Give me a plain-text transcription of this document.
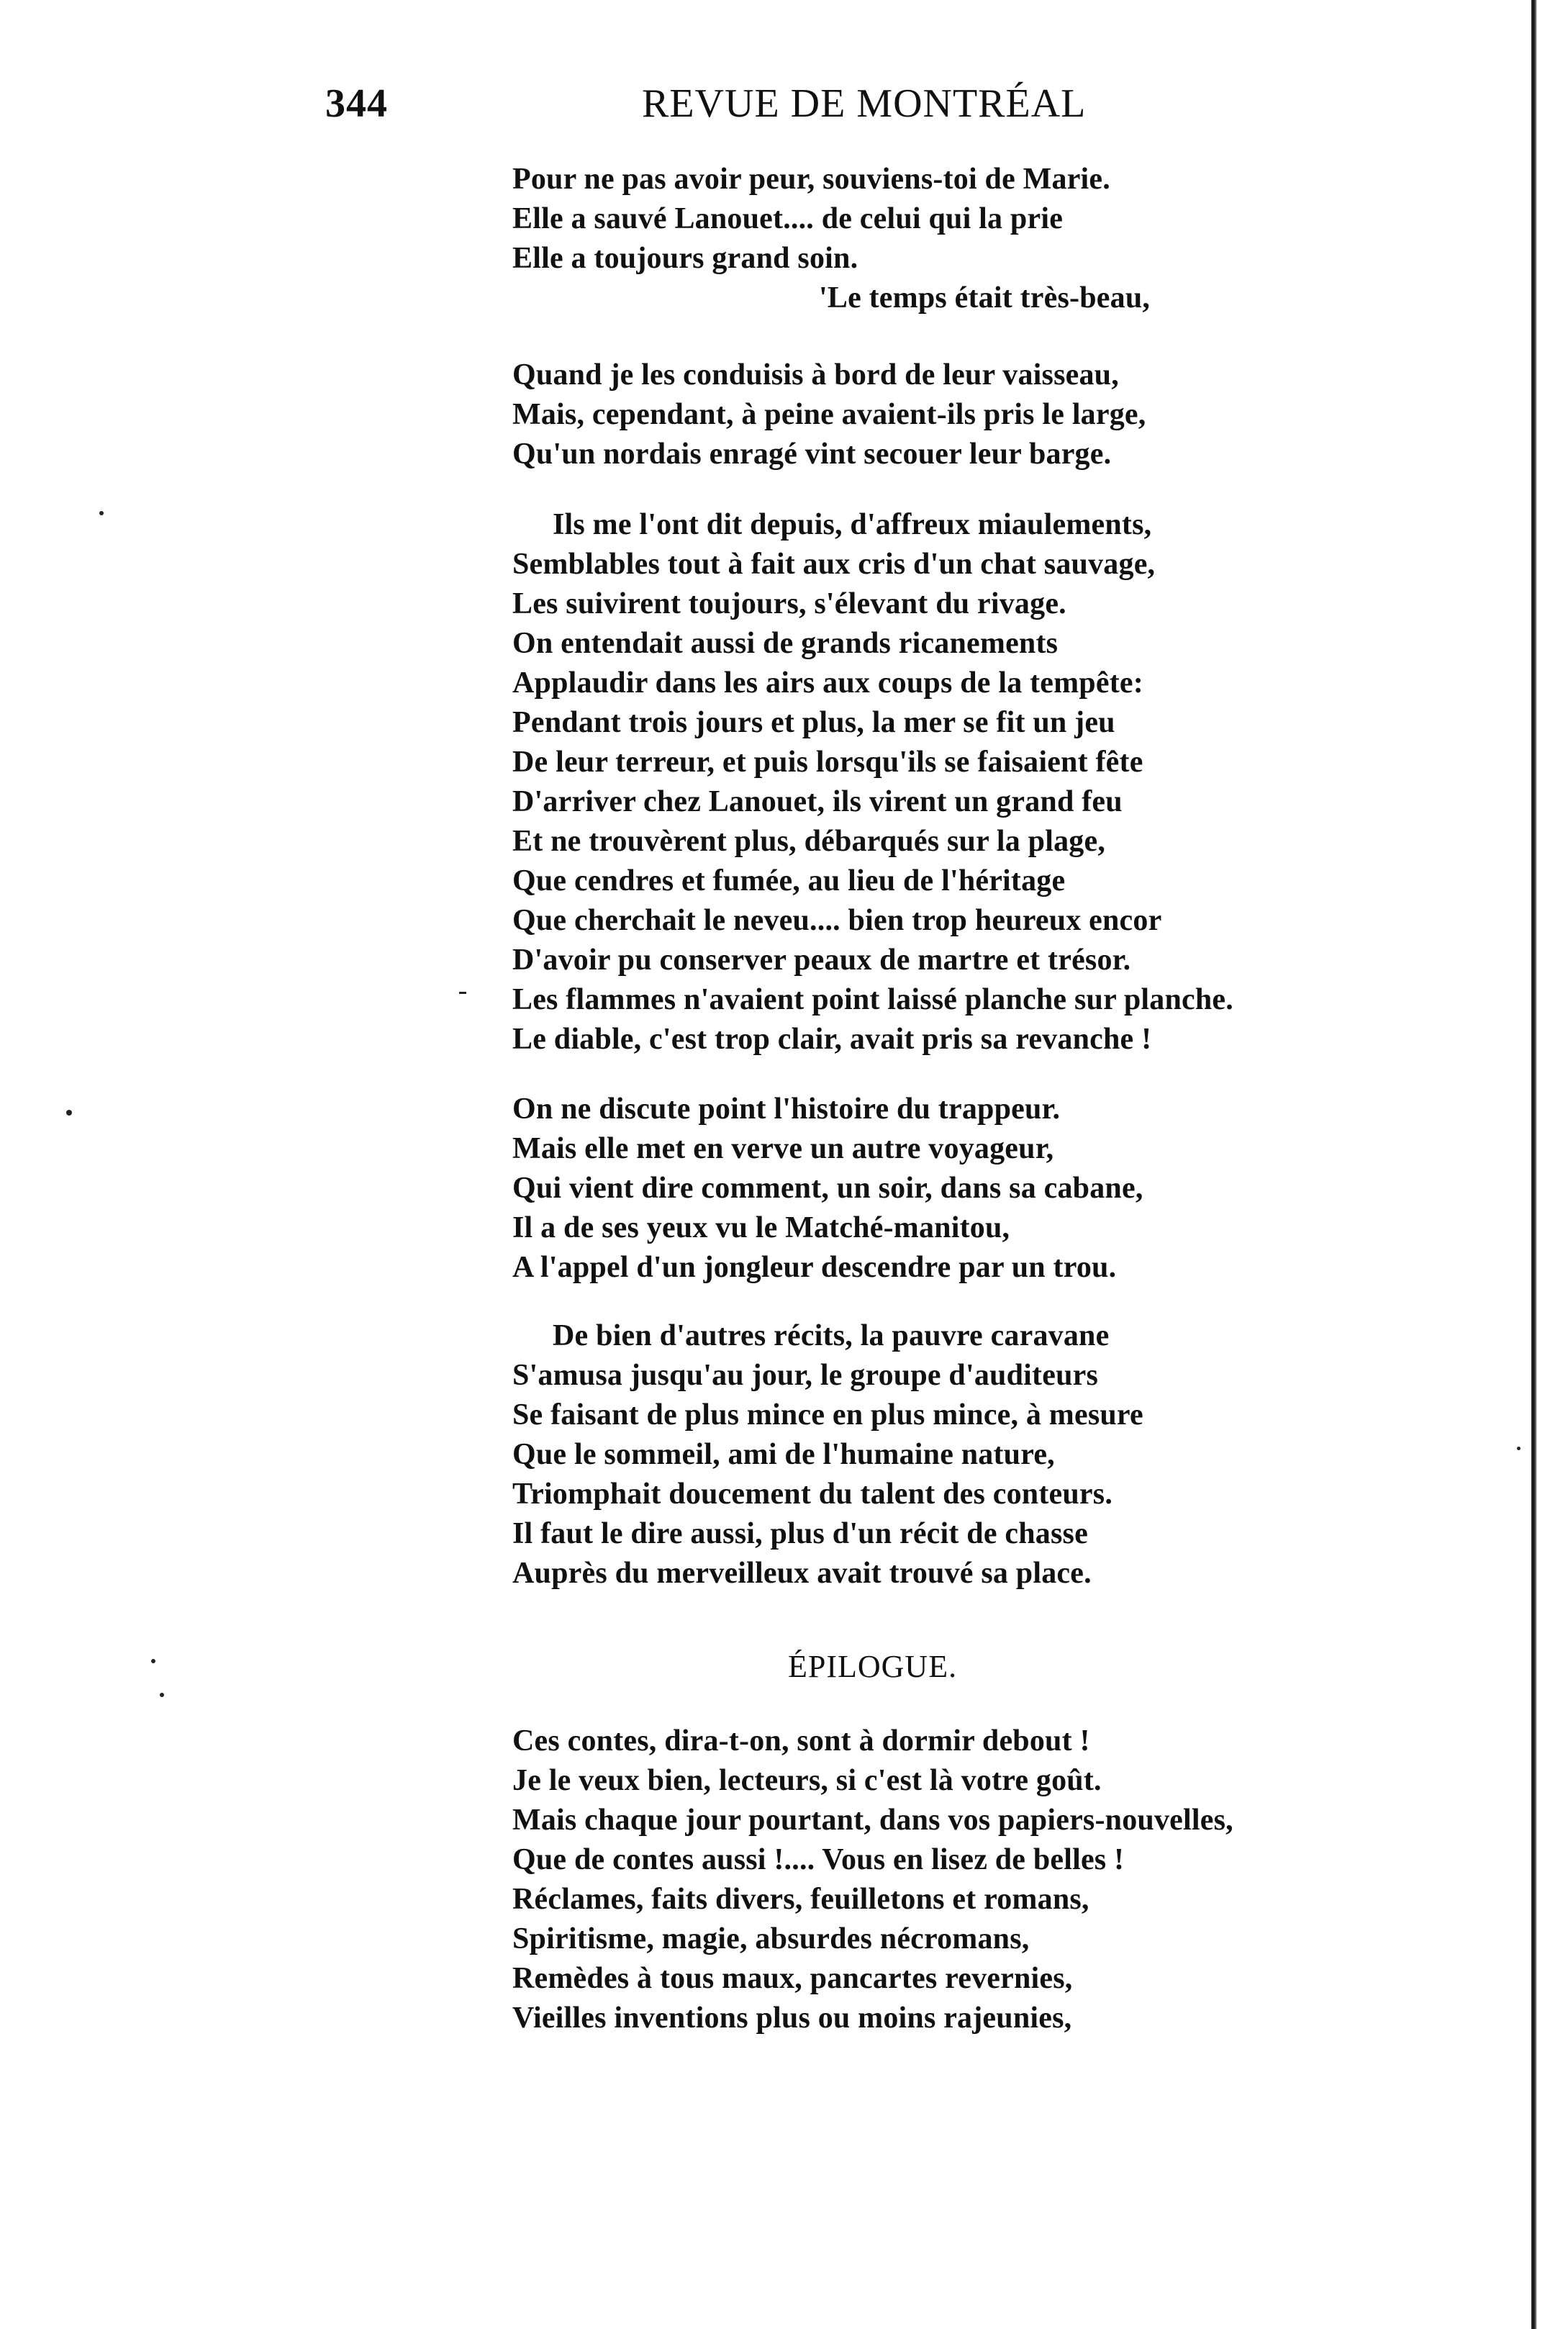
344	REVUE DE MONTRÉAL
Pour ne pas avoir peur, souviens-toi de Marie.
Elle a sauvé Lanouet.... de celui qui la prie
Elle a toujours grand soin.
'Le temps était très-beau,
Quand je les conduisis à bord de leur vaisseau,
Mais, cependant, à peine avaient-ils pris le large,
Qu'un nordais enragé vint secouer leur barge.
Ils me l'ont dit depuis, d'affreux miaulements,
Semblables tout à fait aux cris d'un chat sauvage,
Les suivirent toujours, s'élevant du rivage.
On entendait aussi de grands ricanements
Applaudir dans les airs aux coups de la tempête:
Pendant trois jours et plus, la mer se fit un jeu
De leur terreur, et puis lorsqu'ils se faisaient fête
D'arriver chez Lanouet, ils virent un grand feu
Et ne trouvèrent plus, débarqués sur la plage,
Que cendres et fumée, au lieu de l'héritage
Que cherchait le neveu.... bien trop heureux encor
D'avoir pu conserver peaux de martre et trésor.
Les flammes n'avaient point laissé planche sur planche.
Le diable, c'est trop clair, avait pris sa revanche !
On ne discute point l'histoire du trappeur.
Mais elle met en verve un autre voyageur,
Qui vient dire comment, un soir, dans sa cabane,
Il a de ses yeux vu le Matché-manitou,
A l'appel d'un jongleur descendre par un trou.
De bien d'autres récits, la pauvre caravane
S'amusa jusqu'au jour, le groupe d'auditeurs
Se faisant de plus mince en plus mince, à mesure
Que le sommeil, ami de l'humaine nature,
Triomphait doucement du talent des conteurs.
Il faut le dire aussi, plus d'un récit de chasse
Auprès du merveilleux avait trouvé sa place.
ÉPILOGUE.
Ces contes, dira-t-on, sont à dormir debout !
Je le veux bien, lecteurs, si c'est là votre goût.
Mais chaque jour pourtant, dans vos papiers-nouvelles,
Que de contes aussi !.... Vous en lisez de belles !
Réclames, faits divers, feuilletons et romans,
Spiritisme, magie, absurdes nécromans,
Remèdes à tous maux, pancartes revernies,
Vieilles inventions plus ou moins rajeunies,
